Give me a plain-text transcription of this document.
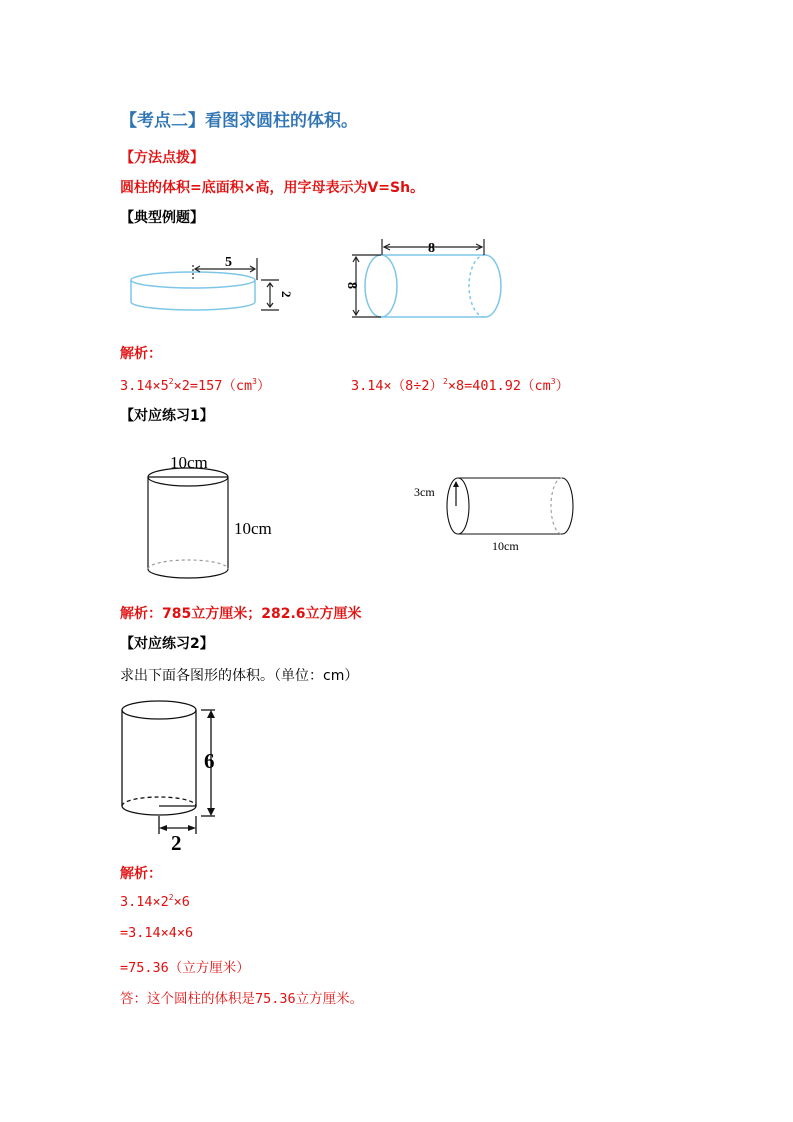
【考点二】看图求圆柱的体积。
【方法点拨】
圆柱的体积=底面积×高，用字母表示为V=Sh。
【典型例题】
5
2
8
8
解析：
$3.14\times 5^2\times 2=157(cm^3)$	$3.14\times(8\div 2)^2\times 8=401.92(cm^3)$
【对应练习1】
10cm
10cm
3cm
10cm
解析：785立方厘米；282.6立方厘米
【对应练习2】
求出下面各图形的体积。（单位：cm）
6
2
解析：
$3.14\times 2^2\times 6$
=3.14×4×6
=75.36（立方厘米）
答：这个圆柱的体积是75.36立方厘米。
